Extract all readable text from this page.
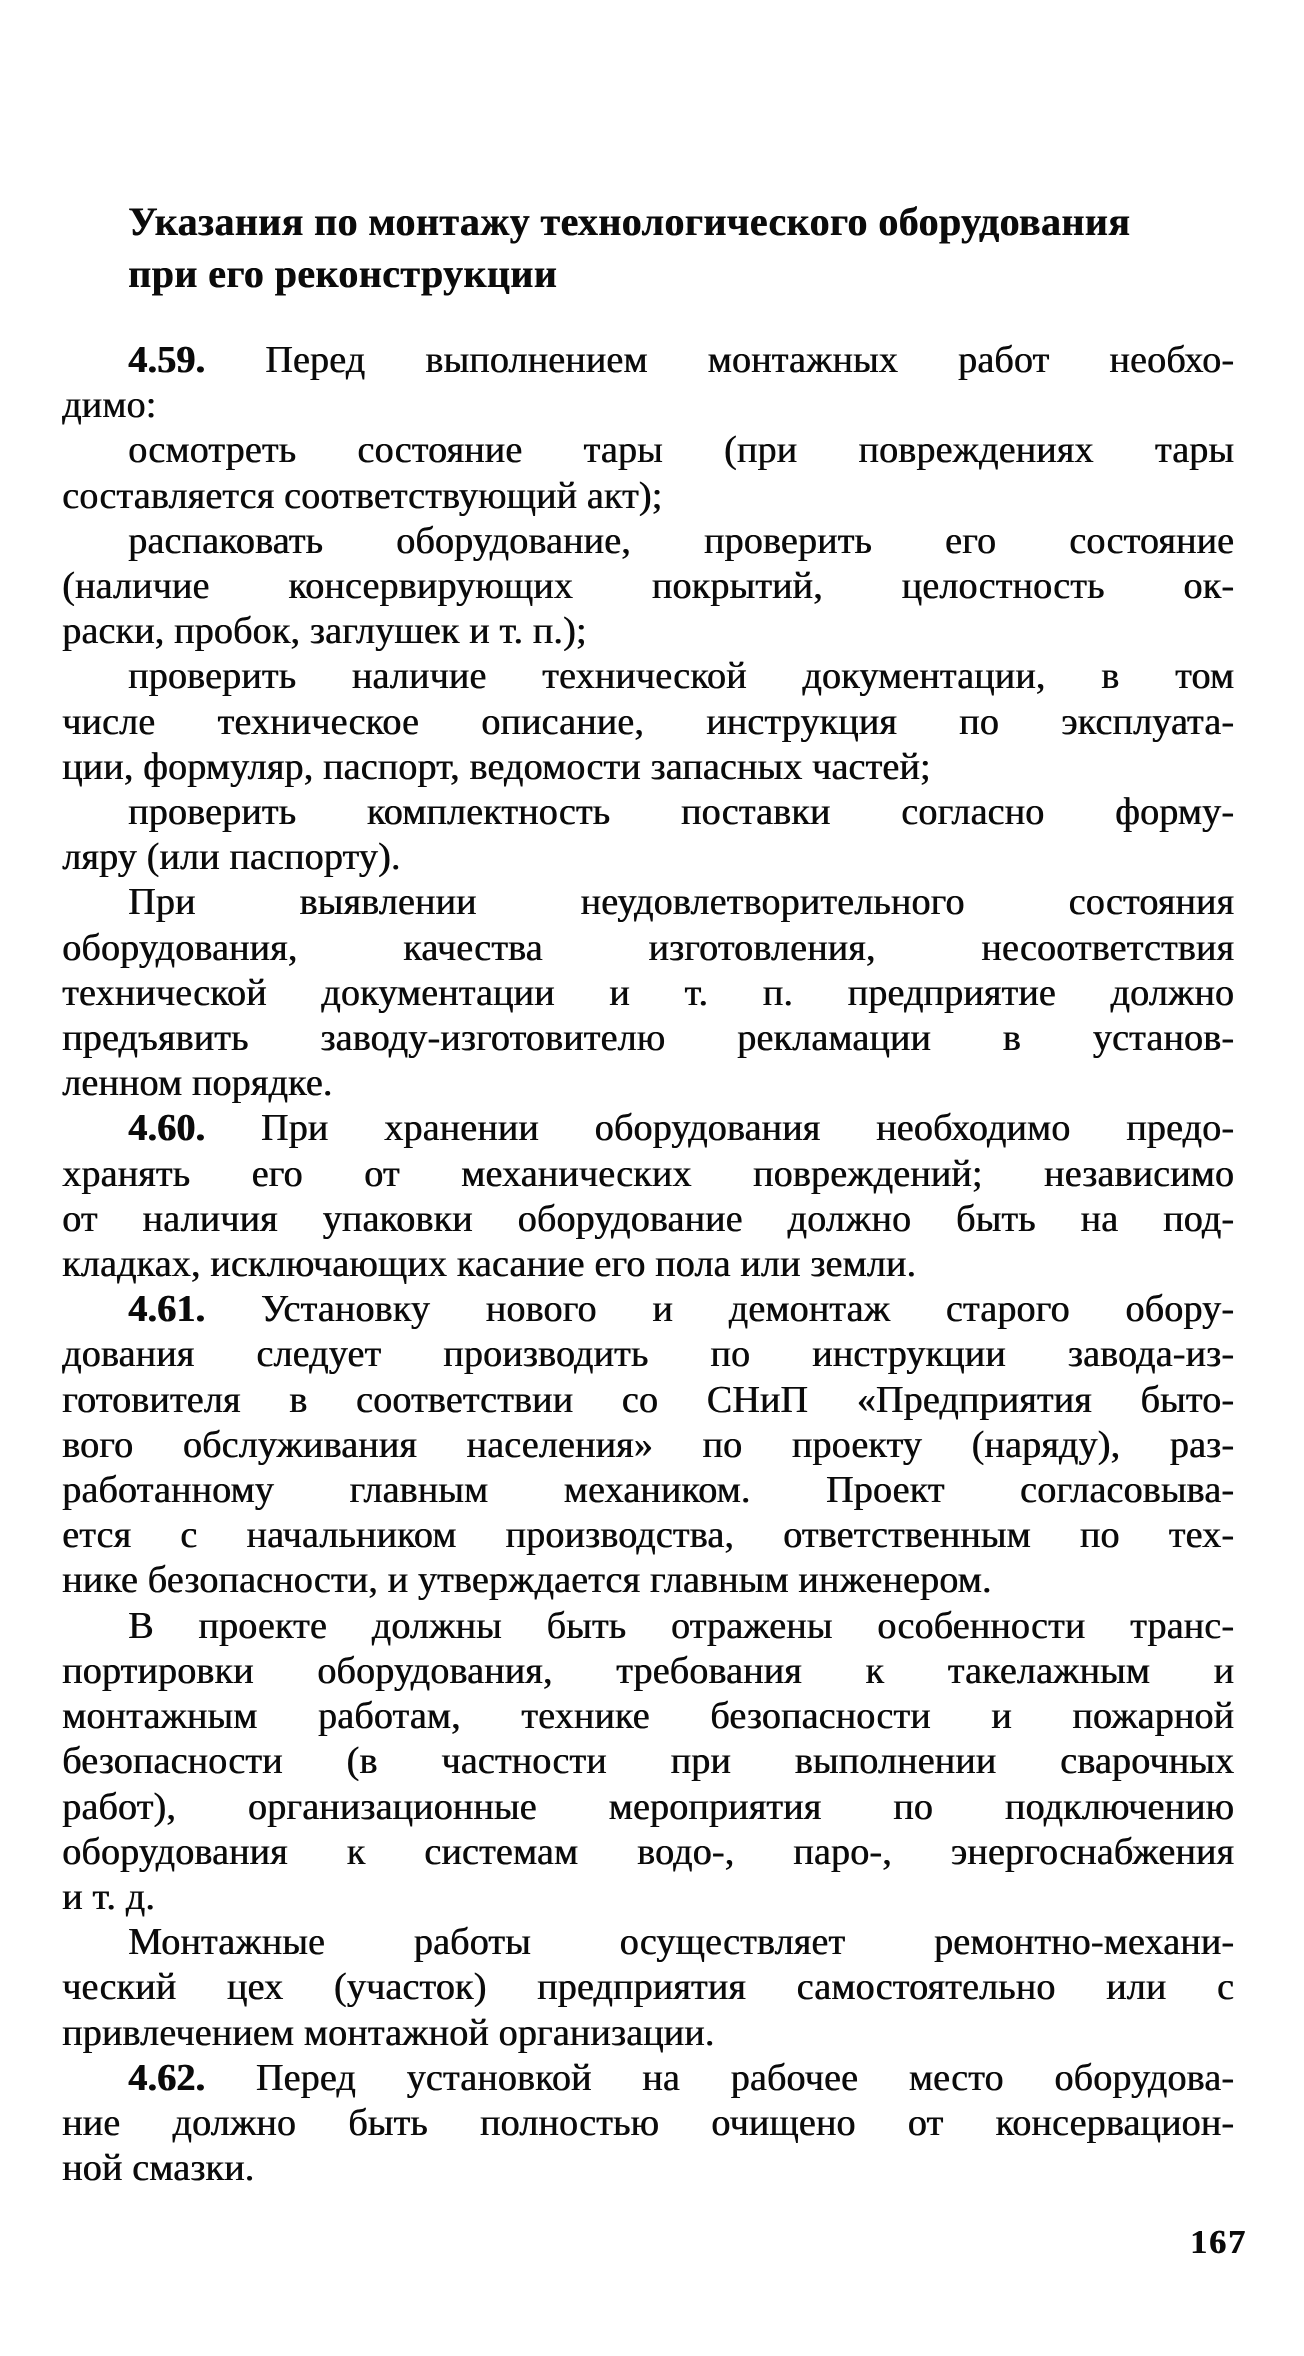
Указания по монтажу технологического оборудования
при его реконструкции
4.59. Перед выполнением монтажных работ необхо-
димо:
осмотреть состояние тары (при повреждениях тары
составляется соответствующий акт);
распаковать оборудование, проверить его состояние
(наличие консервирующих покрытий, целостность ок-
раски, пробок, заглушек и т. п.);
проверить наличие технической документации, в том
числе техническое описание, инструкция по эксплуата-
ции, формуляр, паспорт, ведомости запасных частей;
проверить комплектность поставки согласно форму-
ляру (или паспорту).
При выявлении неудовлетворительного состояния
оборудования, качества изготовления, несоответствия
технической документации и т. п. предприятие должно
предъявить заводу-изготовителю рекламации в установ-
ленном порядке.
4.60. При хранении оборудования необходимо предо-
хранять его от механических повреждений; независимо
от наличия упаковки оборудование должно быть на под-
кладках, исключающих касание его пола или земли.
4.61. Установку нового и демонтаж старого обору-
дования следует производить по инструкции завода-из-
готовителя в соответствии со СНиП «Предприятия быто-
вого обслуживания населения» по проекту (наряду), раз-
работанному главным механиком. Проект согласовыва-
ется с начальником производства, ответственным по тех-
нике безопасности, и утверждается главным инженером.
В проекте должны быть отражены особенности транс-
портировки оборудования, требования к такелажным и
монтажным работам, технике безопасности и пожарной
безопасности (в частности при выполнении сварочных
работ), организационные мероприятия по подключению
оборудования к системам водо-, паро-, энергоснабжения
и т. д.
Монтажные работы осуществляет ремонтно-механи-
ческий цех (участок) предприятия самостоятельно или с
привлечением монтажной организации.
4.62. Перед установкой на рабочее место оборудова-
ние должно быть полностью очищено от консервацион-
ной смазки.
167
